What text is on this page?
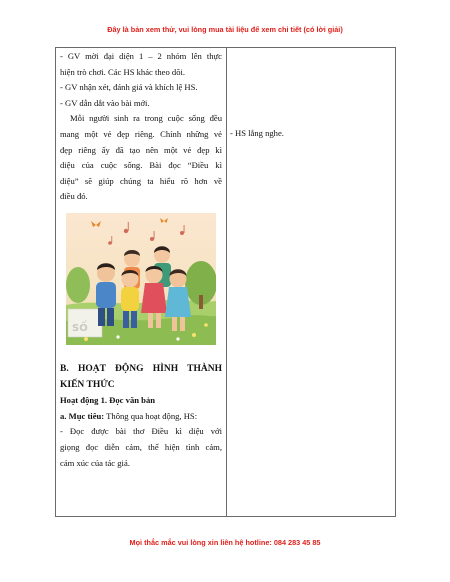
Đây là bản xem thử, vui lòng mua tài liệu để xem chi tiết (có lời giải)

- GV mời đại diện 1 – 2 nhóm lên thực

hiện trò chơi. Các HS khác theo dõi.

- GV nhận xét, đánh giá và khích lệ HS.

- GV dẫn dắt vào bài mới.

Mỗi người sinh ra trong cuộc sống đều

mang một vẻ đẹp riêng. Chính những vẻ

đẹp riêng ấy đã tạo nên một vẻ đẹp kì

diệu của cuộc sống. Bài đọc “Điều kì

diệu” sẽ giúp chúng ta hiểu rõ hơn về

điều đó.

SỐ

B. HOẠT ĐỘNG HÌNH THÀNH

KIẾN THỨC

Hoạt động 1. Đọc văn bản

a. Mục tiêu: Thông qua hoạt động, HS:

- Đọc được bài thơ Điều kì diệu với

giọng đọc diễn cảm, thể hiện tình cảm,

cảm xúc của tác giả.

- HS lắng nghe.
Mọi thắc mắc vui lòng xin liên hệ hotline: 084 283 45 85
